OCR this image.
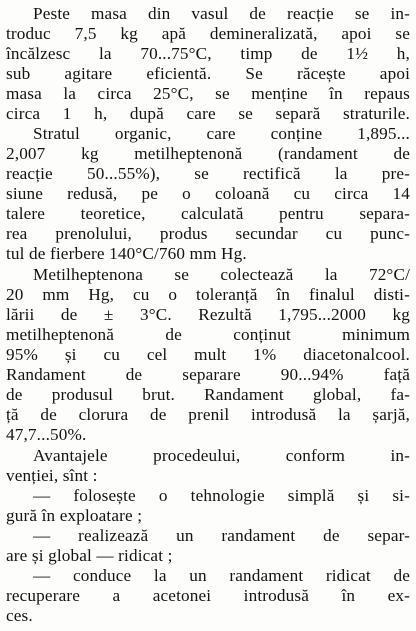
Peste masa din vasul de reacție se in-
troduc 7,5 kg apă demineralizată, apoi se
încălzesc la 70...75°C, timp de 1½ h,
sub agitare eficientă. Se răcește apoi
masa la circa 25°C, se menține în repaus
circa 1 h, după care se separă straturile.
Stratul organic, care conține 1,895...
2,007 kg metilheptenonă (randament de
reacție 50...55%), se rectifică la pre-
siune redusă, pe o coloană cu circa 14
talere teoretice, calculată pentru separa-
rea prenolului, produs secundar cu punc-
tul de fierbere 140°C/760 mm Hg.
Metilheptenona se colectează la 72°C/
20 mm Hg, cu o toleranță în finalul disti-
lării de ± 3°C. Rezultă 1,795...2000 kg
metilheptenonă de conținut minimum
95% și cu cel mult 1% diacetonalcool.
Randament de separare 90...94% față
de produsul brut. Randament global, fa-
ță de clorura de prenil introdusă la șarjă,
47,7...50%.
Avantajele procedeului, conform in-
venției, sînt :
— folosește o tehnologie simplă și si-
gură în exploatare ;
— realizează un randament de separ-
are și global — ridicat ;
— conduce la un randament ridicat de
recuperare a acetonei introdusă în ex-
ces.
